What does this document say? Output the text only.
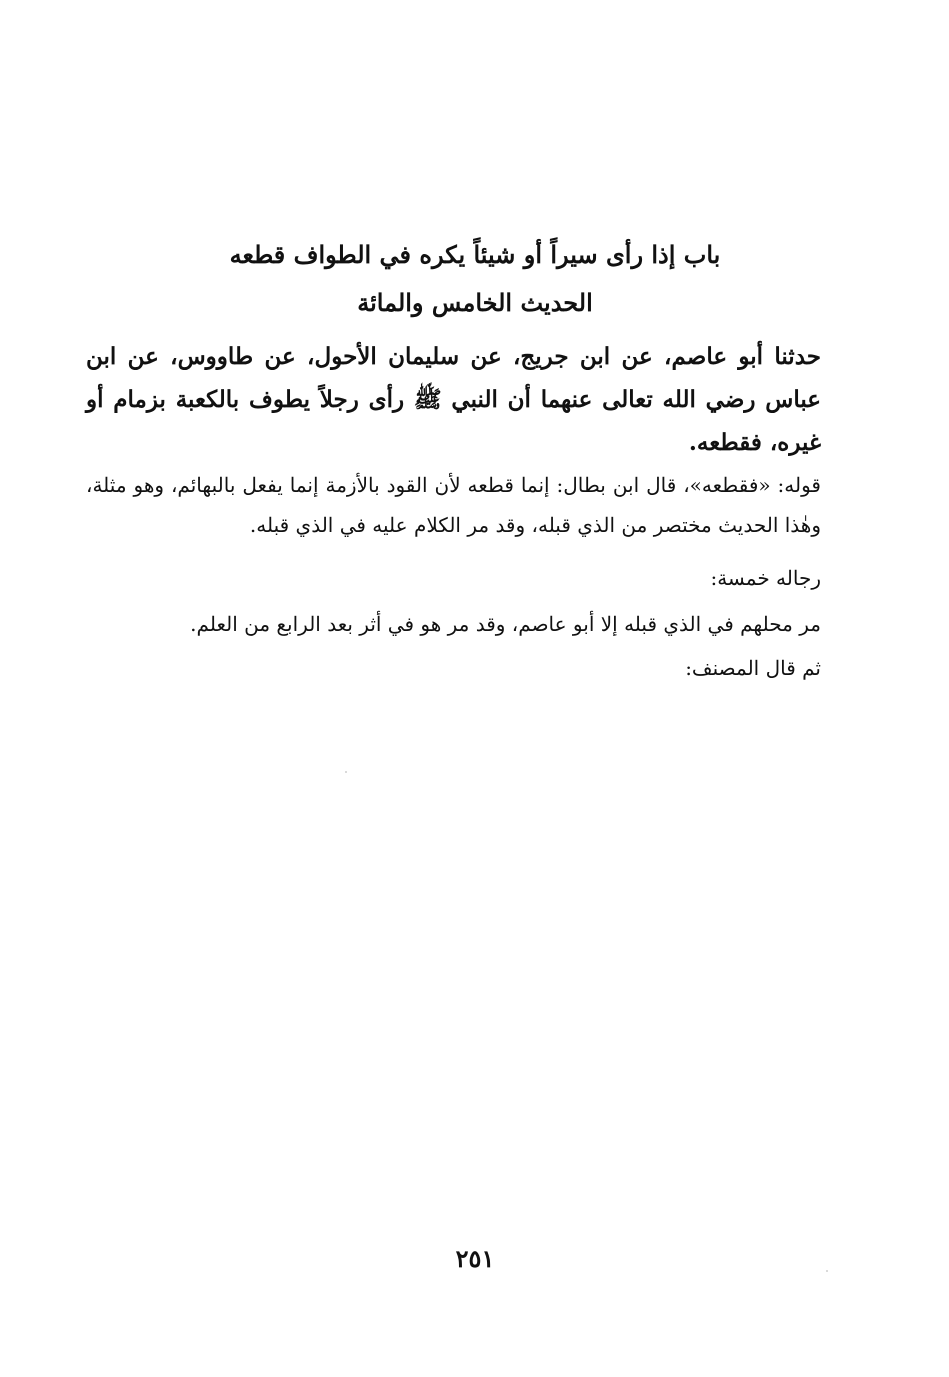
باب إذا رأى سيراً أو شيئاً يكره في الطواف قطعه
الحديث الخامس والمائة
حدثنا أبو عاصم، عن ابن جريج، عن سليمان الأحول، عن طاووس، عن ابن عباس رضي الله تعالى عنهما أن النبي ﷺ رأى رجلاً يطوف بالكعبة بزمام أو غيره، فقطعه.
قوله: «فقطعه»، قال ابن بطال: إنما قطعه لأن القود بالأزمة إنما يفعل بالبهائم، وهو مثلة، وهٰذا الحديث مختصر من الذي قبله، وقد مر الكلام عليه في الذي قبله.
رجاله خمسة:
مر محلهم في الذي قبله إلا أبو عاصم، وقد مر هو في أثر بعد الرابع من العلم.
ثم قال المصنف:
٢٥١
